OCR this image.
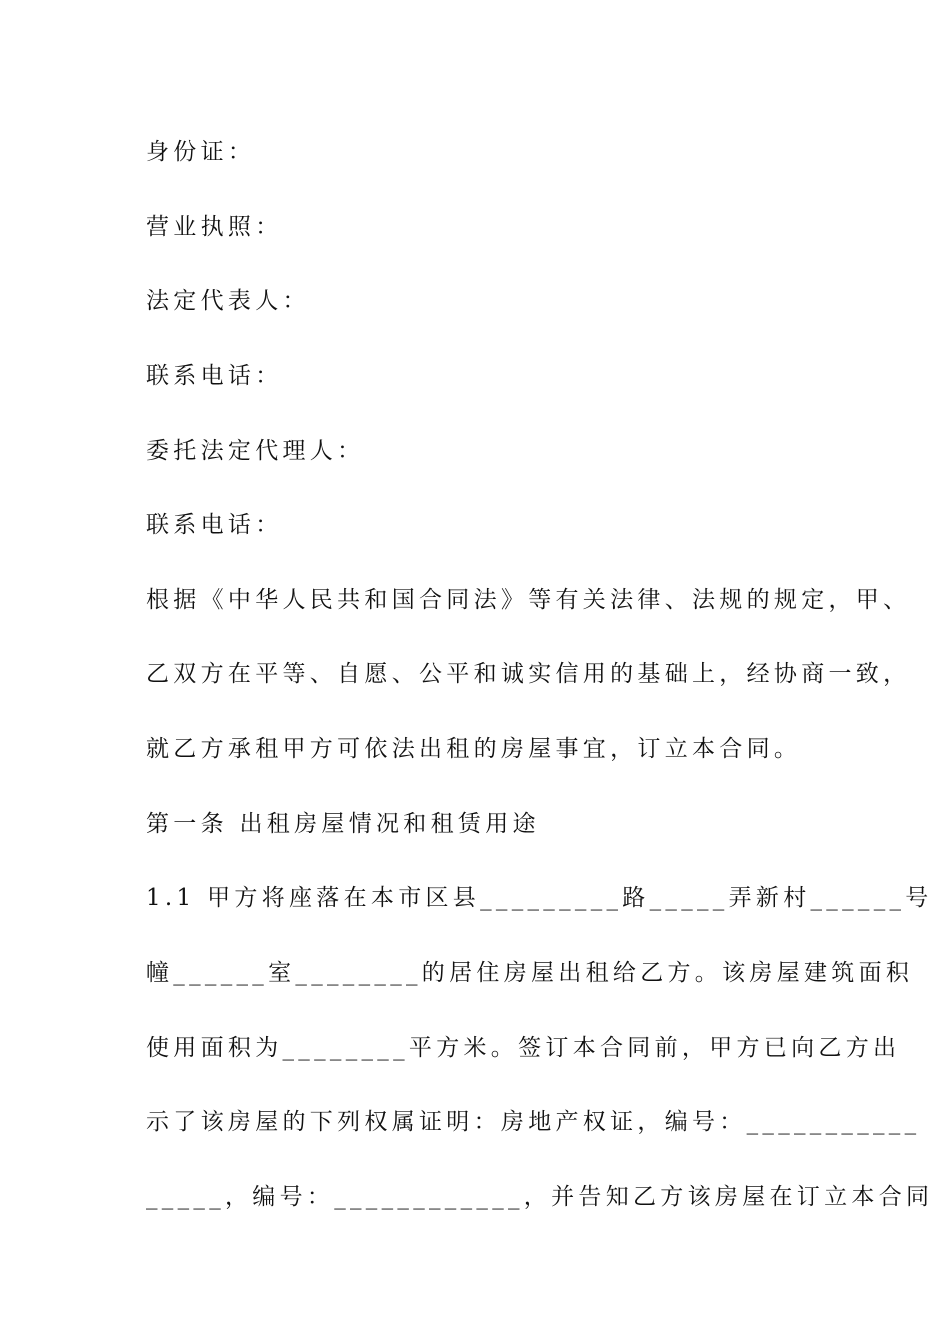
身份证：
营业执照：
法定代表人：
联系电话：
委托法定代理人：
联系电话：
根据《中华人民共和国合同法》等有关法律、法规的规定，甲、
乙双方在平等、自愿、公平和诚实信用的基础上，经协商一致，
就乙方承租甲方可依法出租的房屋事宜，订立本合同。
第一条 出租房屋情况和租赁用途
1.1 甲方将座落在本市区县_________路_____弄新村______号
幢______室________的居住房屋出租给乙方。该房屋建筑面积
使用面积为________平方米。签订本合同前，甲方已向乙方出
示了该房屋的下列权属证明：房地产权证，编号：___________
_____，编号：____________，并告知乙方该房屋在订立本合同
